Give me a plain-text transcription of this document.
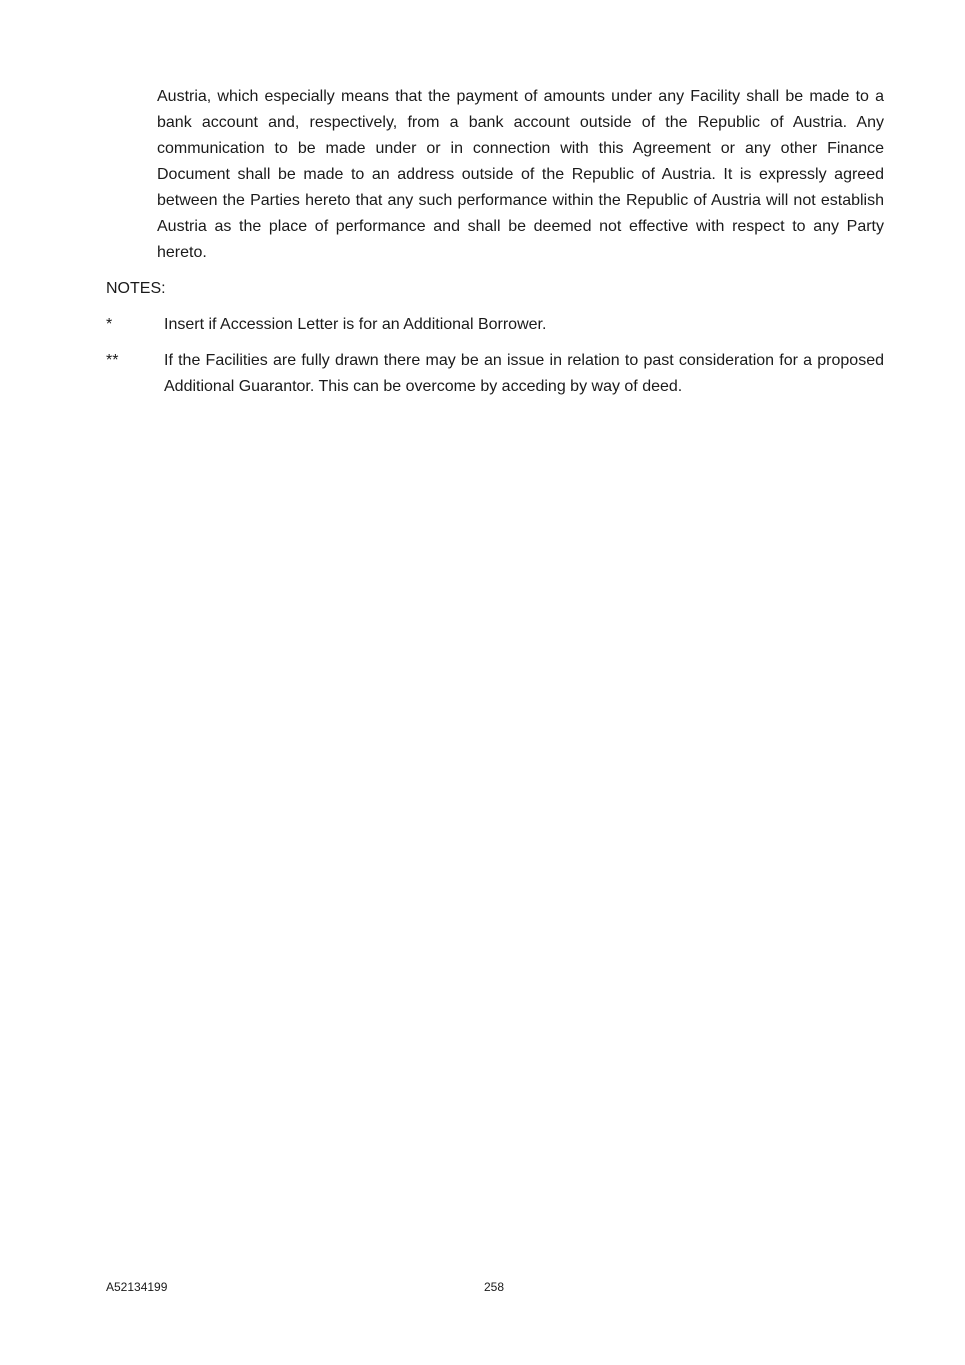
Austria, which especially means that the payment of amounts under any Facility shall be made to a bank account and, respectively, from a bank account outside of the Republic of Austria. Any communication to be made under or in connection with this Agreement or any other Finance Document shall be made to an address outside of the Republic of Austria. It is expressly agreed between the Parties hereto that any such performance within the Republic of Austria will not establish Austria as the place of performance and shall be deemed not effective with respect to any Party hereto.

NOTES:

*	Insert if Accession Letter is for an Additional Borrower.
**	If the Facilities are fully drawn there may be an issue in relation to past consideration for a proposed Additional Guarantor. This can be overcome by acceding by way of deed.
A52134199	258
